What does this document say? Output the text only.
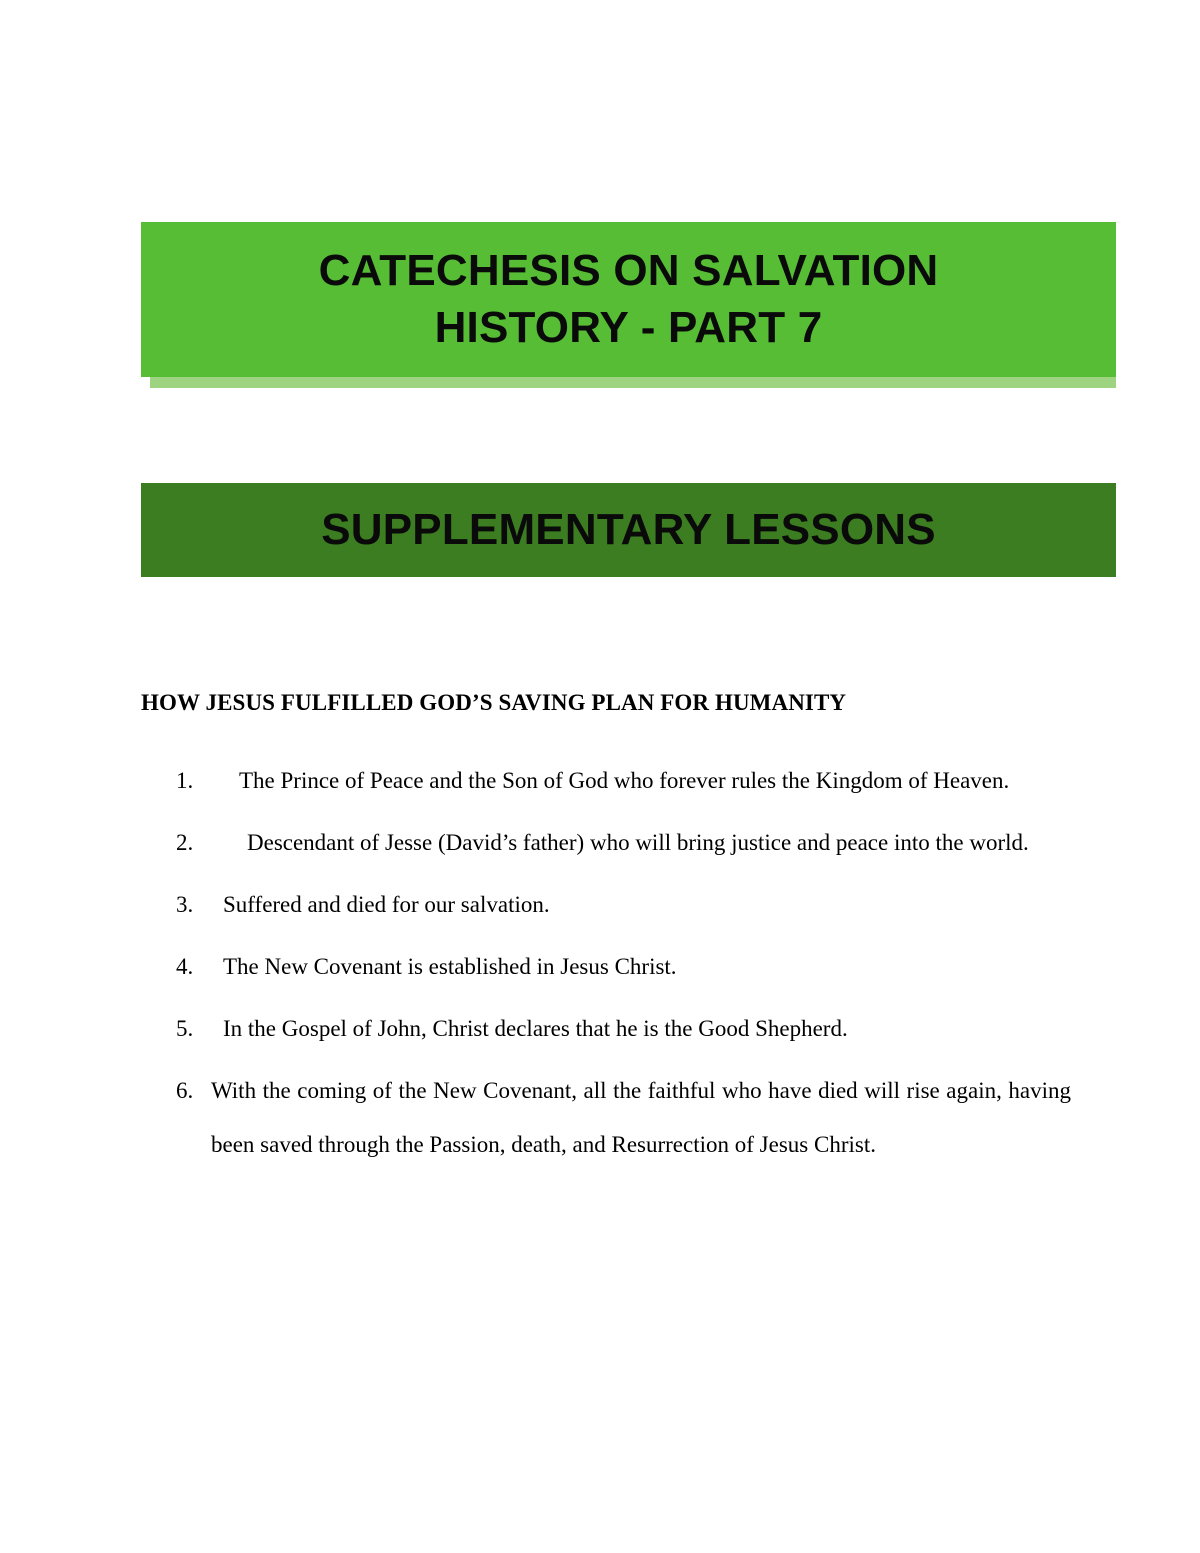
CATECHESIS ON SALVATION
HISTORY - PART 7
SUPPLEMENTARY LESSONS
HOW JESUS FULFILLED GOD’S SAVING PLAN FOR HUMANITY
1.	The Prince of Peace and the Son of God who forever rules the Kingdom of Heaven.
2.	Descendant of Jesse (David’s father) who will bring justice and peace into the world.
3.	Suffered and died for our salvation.
4.	The New Covenant is established in Jesus Christ.
5.	In the Gospel of John, Christ declares that he is the Good Shepherd.
6. With the coming of the New Covenant, all the faithful who have died will rise again, having been saved through the Passion, death, and Resurrection of Jesus Christ.
